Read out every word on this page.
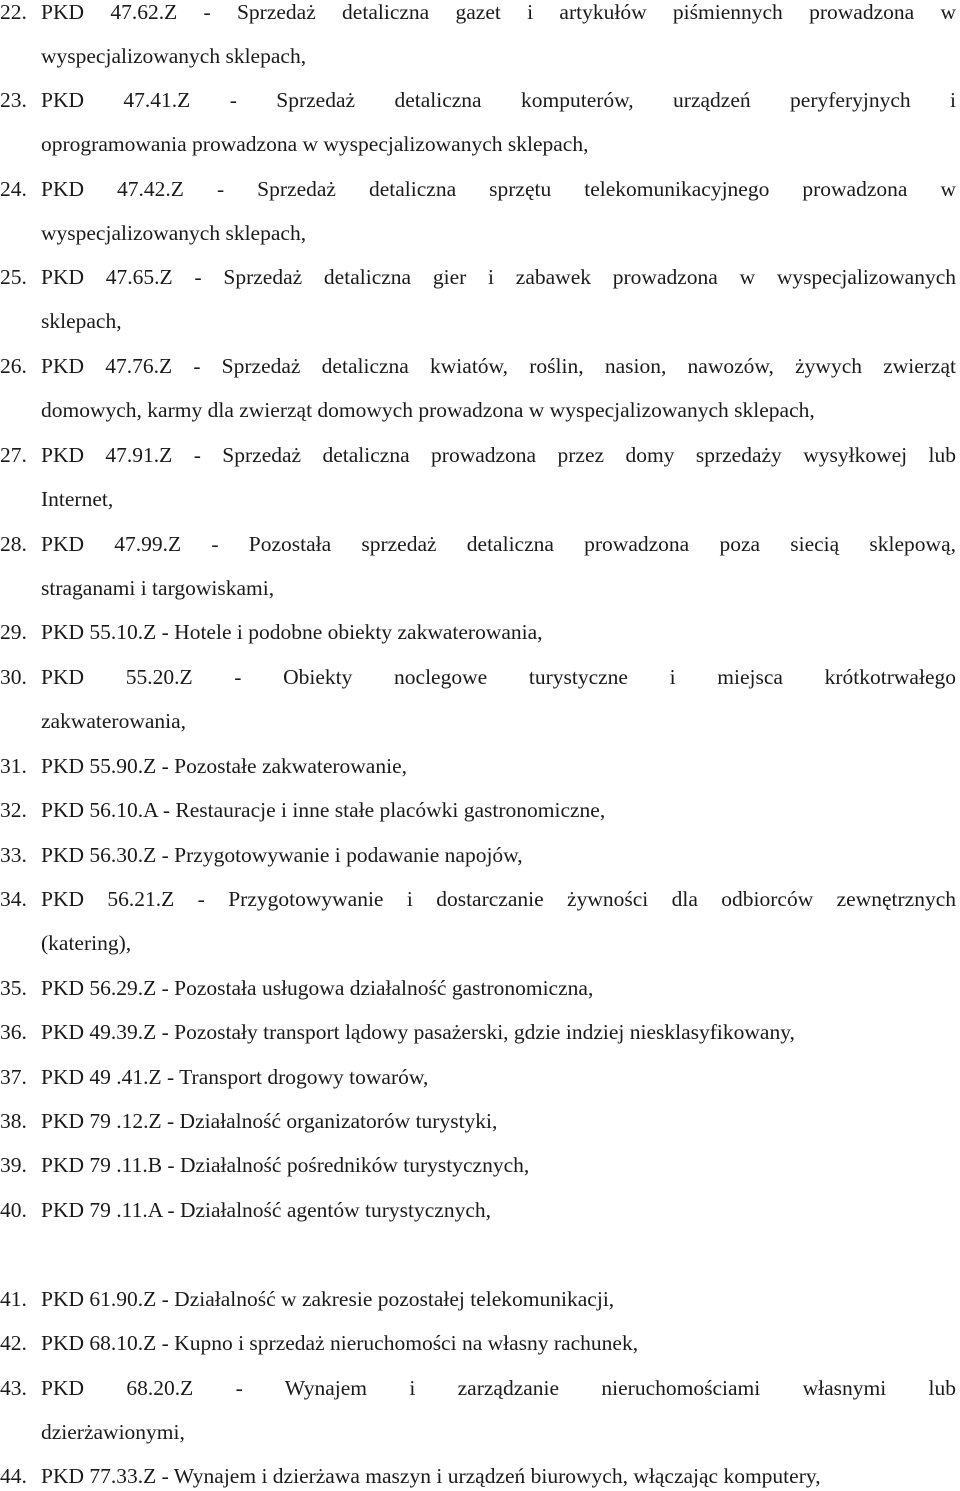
22. PKD 47.62.Z - Sprzedaż detaliczna gazet i artykułów piśmiennych prowadzona w
wyspecjalizowanych sklepach,
23. PKD 47.41.Z - Sprzedaż detaliczna komputerów, urządzeń peryferyjnych i
oprogramowania prowadzona w wyspecjalizowanych sklepach,
24. PKD 47.42.Z - Sprzedaż detaliczna sprzętu telekomunikacyjnego prowadzona w
wyspecjalizowanych sklepach,
25. PKD 47.65.Z - Sprzedaż detaliczna gier i zabawek prowadzona w wyspecjalizowanych
sklepach,
26. PKD 47.76.Z - Sprzedaż detaliczna kwiatów, roślin, nasion, nawozów, żywych zwierząt
domowych, karmy dla zwierząt domowych prowadzona w wyspecjalizowanych sklepach,
27. PKD 47.91.Z - Sprzedaż detaliczna prowadzona przez domy sprzedaży wysyłkowej lub
Internet,
28. PKD 47.99.Z - Pozostała sprzedaż detaliczna prowadzona poza siecią sklepową,
straganami i targowiskami,
29. PKD 55.10.Z - Hotele i podobne obiekty zakwaterowania,
30. PKD 55.20.Z - Obiekty noclegowe turystyczne i miejsca krótkotrwałego
zakwaterowania,
31. PKD 55.90.Z - Pozostałe zakwaterowanie,
32. PKD 56.10.A - Restauracje i inne stałe placówki gastronomiczne,
33. PKD 56.30.Z - Przygotowywanie i podawanie napojów,
34. PKD 56.21.Z - Przygotowywanie i dostarczanie żywności dla odbiorców zewnętrznych
(katering),
35. PKD 56.29.Z - Pozostała usługowa działalność gastronomiczna,
36. PKD 49.39.Z - Pozostały transport lądowy pasażerski, gdzie indziej niesklasyfikowany,
37. PKD 49 .41.Z - Transport drogowy towarów,
38. PKD 79 .12.Z - Działalność organizatorów turystyki,
39. PKD 79 .11.B - Działalność pośredników turystycznych,
40. PKD 79 .11.A - Działalność agentów turystycznych,
41. PKD 61.90.Z - Działalność w zakresie pozostałej telekomunikacji,
42. PKD 68.10.Z - Kupno i sprzedaż nieruchomości na własny rachunek,
43. PKD 68.20.Z - Wynajem i zarządzanie nieruchomościami własnymi lub
dzierżawionymi,
44. PKD 77.33.Z - Wynajem i dzierżawa maszyn i urządzeń biurowych, włączając komputery,
